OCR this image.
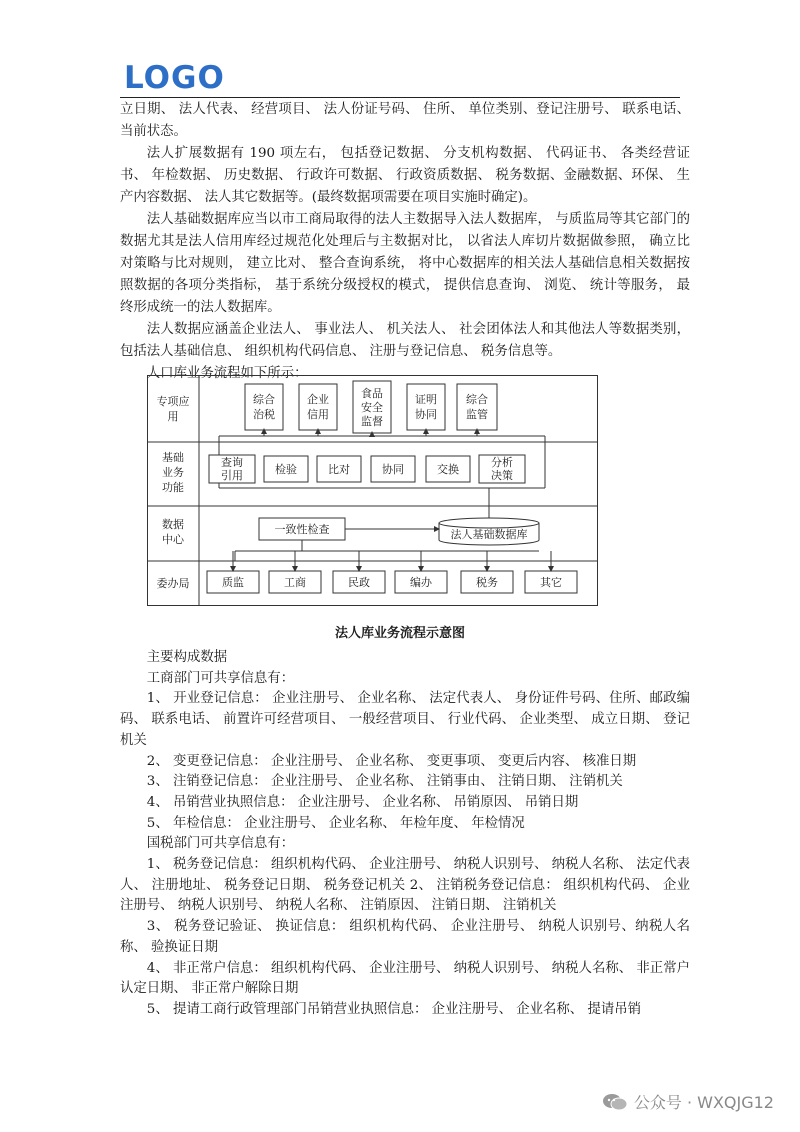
LOGO

立日期、 法人代表、 经营项目、 法人份证号码、 住所、 单位类别、登记注册号、 联系电话、 当前状态。

法人扩展数据有 190 项左右， 包括登记数据、 分支机构数据、 代码证书、 各类经营证书、 年检数据、 历史数据、 行政许可数据、 行政资质数据、 税务数据、金融数据、环保、 生产内容数据、 法人其它数据等。(最终数据项需要在项目实施时确定)。

法人基础数据库应当以市工商局取得的法人主数据导入法人数据库， 与质监局等其它部门的数据尤其是法人信用库经过规范化处理后与主数据对比， 以省法人库切片数据做参照， 确立比对策略与比对规则， 建立比对、 整合查询系统， 将中心数据库的相关法人基础信息相关数据按照数据的各项分类指标， 基于系统分级授权的模式， 提供信息查询、 浏览、 统计等服务， 最终形成统一的法人数据库。

法人数据应涵盖企业法人、 事业法人、 机关法人、 社会团体法人和其他法人等数据类别， 包括法人基础信息、 组织机构代码信息、 注册与登记信息、 税务信息等。

人口库业务流程如下所示：

专项应
用
基础
业务
功能
数据
中心
委办局
综合
治税
企业
信用
食品
安全
监督
证明
协同
综合
监管
查询
引用	检验	比对	协同	交换
分析
决策
一致性检查	法人基础数据库
质监	工商	民政	编办	税务	其它
法人库业务流程示意图

主要构成数据

工商部门可共享信息有：

1、 开业登记信息： 企业注册号、 企业名称、 法定代表人、 身份证件号码、住所、邮政编码、 联系电话、 前置许可经营项目、 一般经营项目、 行业代码、 企业类型、 成立日期、 登记机关

2、 变更登记信息： 企业注册号、 企业名称、 变更事项、 变更后内容、 核准日期

3、 注销登记信息： 企业注册号、 企业名称、 注销事由、 注销日期、 注销机关

4、 吊销营业执照信息： 企业注册号、 企业名称、 吊销原因、 吊销日期

5、 年检信息： 企业注册号、 企业名称、 年检年度、 年检情况

国税部门可共享信息有：

1、 税务登记信息： 组织机构代码、 企业注册号、 纳税人识别号、 纳税人名称、 法定代表人、 注册地址、 税务登记日期、 税务登记机关 2、 注销税务登记信息： 组织机构代码、 企业注册号、 纳税人识别号、 纳税人名称、 注销原因、 注销日期、 注销机关

3、 税务登记验证、 换证信息： 组织机构代码、 企业注册号、 纳税人识别号、纳税人名称、 验换证日期

4、 非正常户信息： 组织机构代码、 企业注册号、 纳税人识别号、 纳税人名称、 非正常户认定日期、 非正常户解除日期

5、 提请工商行政管理部门吊销营业执照信息： 企业注册号、 企业名称、 提请吊销

公众号 · WXQJG12
